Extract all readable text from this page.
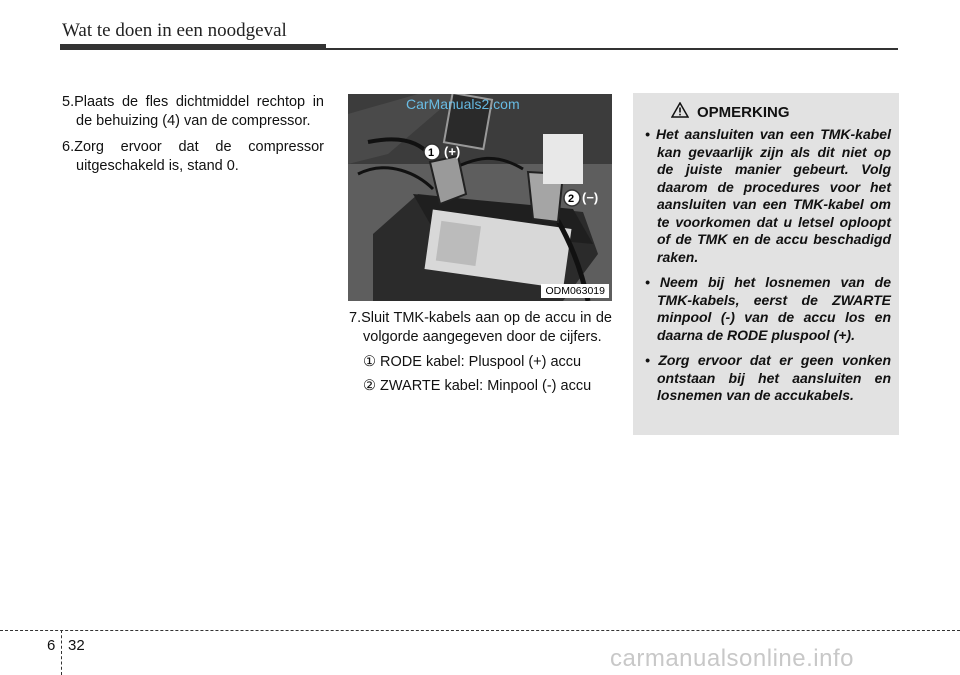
Wat te doen in een noodgeval

5.Plaats de fles dichtmiddel rechtop in de behuizing (4) van de compressor.

6.Zorg ervoor dat de compressor uitgeschakeld is, stand 0.

1 (+)
2 (−)
CarManuals2.com
ODM063019

7.Sluit TMK-kabels aan op de accu in de volgorde aangegeven door de cijfers.

① RODE kabel: Pluspool (+) accu

② ZWARTE kabel: Minpool (-) accu

OPMERKING
• Het aansluiten van een TMK-kabel kan gevaarlijk zijn als dit niet op de juiste manier gebeurt. Volg daarom de procedures voor het aansluiten van een TMK-kabel om te voorkomen dat u letsel oploopt of de TMK en de accu beschadigd raken.
• Neem bij het losnemen van de TMK-kabels, eerst de ZWARTE minpool (-) van de accu los en daarna de RODE pluspool (+).
• Zorg ervoor dat er geen vonken ontstaan bij het aansluiten en losnemen van de accukabels.
6 32	carmanualsonline.info
